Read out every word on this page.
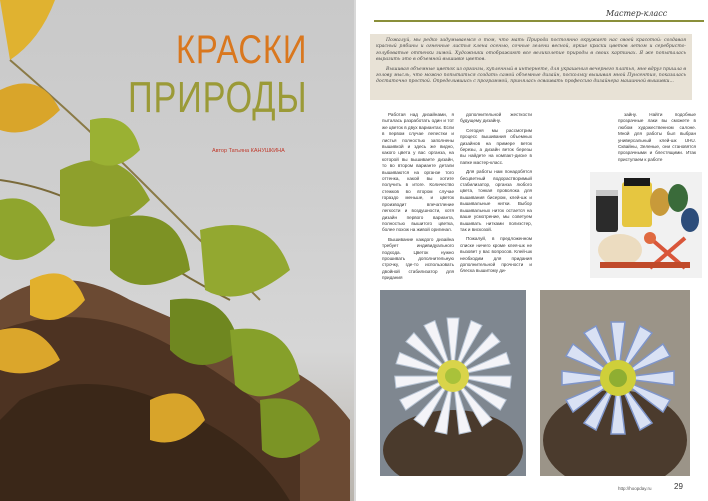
КРАСКИ
ПРИРОДЫ
Автор Татьяна КАНУШКИНА
Мастер-класс

Пожалуй, мы редко задумываемся о том, что мать Природа постоянно окружает нас своей красотой: создавая красный рябины и огненные листья клена осенью, сочные зелени весной, яркие краски цветов летом и серебристо-голубоватые оттенки зимой. Художники отображают все великолепие природы в своих картинах. Я же попыталась выразить это в объемной вышивке цветов.

Вышивая объемные цветок из органзы, купленный в интернете, для украшения вечернего платья, мне вдруг пришла в голову мысль, что можно попытаться создать самой объемные дизайн, поскольку вышивая мной Пунсентия, показалась достаточно простой. Определившись с программой, принялась осваивать профессию дизайнера машинной вышивки...

Работая над дизайнами, я пыталась разработать один и тот же цветок в двух вариантах. Если в первом случае лепестки и листья полностью заполнены вышивкой и здесь же видно, какого цвета у вас органза, на которой вы вышиваете дизайн, то во втором варианте детали вышиваются на органзе того оттенка, какой вы хотите получить в итоге. Количество стежков во втором случае гораздо меньше, и цветок производит впечатление легкости и воздушности, хотя дизайн первого варианта, полностью вышитого цветка, более похож на живой оригинал.

Вышивание каждого дизайна требует индивидуального подхода. Цветок нужно прошивать дополнительную строчку, где-то использовать двойной стабилизатор для придания

дополнительной жесткости будущему дизайну.

Сегодня мы рассмотрим процесс вышивания объемных дизайнов на примере веток березы, а дизайн веток березы вы найдете на компакт-диске в папке мастер-класс.

Для работы нам понадобятся бесцветный водорастворимый стабилизатор, органза любого цвета, тонкая проволока для вышивания бисером, клей-шк и вышивальные нитки. Выбор вышивальных ниток остается на ваше усмотрение, мы советуем вышивать нитками полиэстер, так и вискозой.

Пожалуй, в предложенном списке ничего кроме клея-шк не вызовет у вас вопросов. Клей-шк необходим для придания дополнительной прочности и блеска вышитому ди-

зайну. Найти подобные прозрачные лаки вы сможете в любом художественном салоне. Мной для работы был выбран универсальный клей-шк UHU. Сквайны, Зеленые, они становятся прозрачными и блестящими. Итак приступаем к работе

http://hoopday.ru	29
